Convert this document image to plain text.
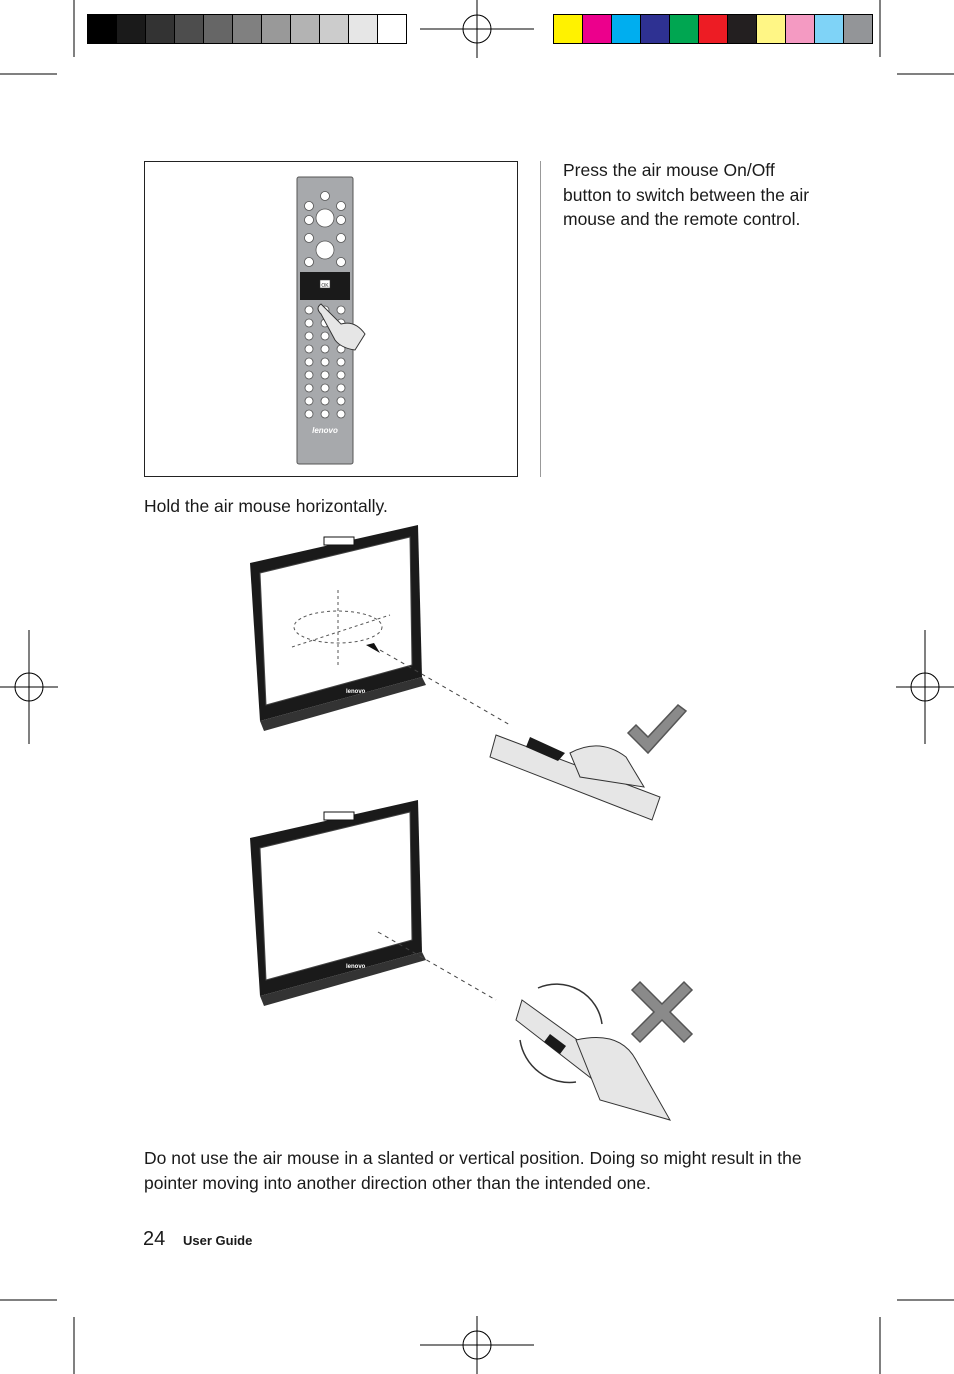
OK
lenovo
Press the air mouse On/Off button to switch between the air mouse and the remote control.
Hold the air mouse horizontally.
lenovo
lenovo
Do not use the air mouse in a slanted or vertical position. Doing so might result in the pointer moving into another direction other than the intended one.
24 User Guide
